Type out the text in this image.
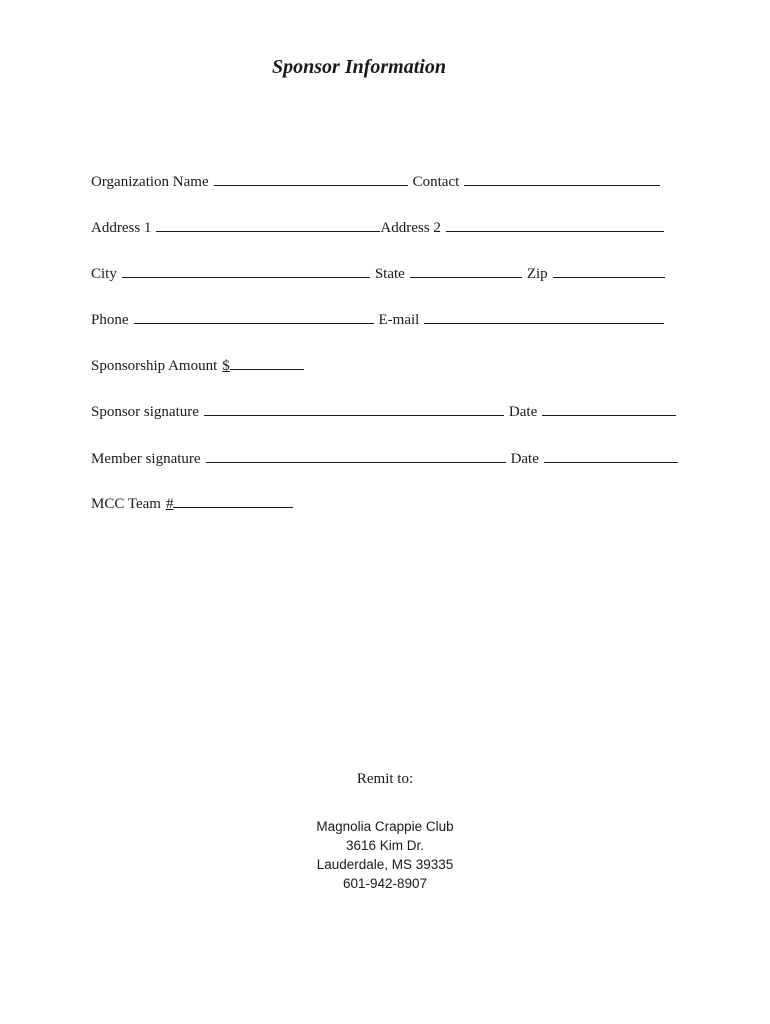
Sponsor Information
Organization Name	Contact
Address 1	Address 2
City	State	Zip
Phone	E-mail
Sponsorship Amount $
Sponsor signature	Date
Member signature	Date
MCC Team #
Remit to:
Magnolia Crappie Club
3616 Kim Dr.
Lauderdale, MS 39335
601-942-8907
